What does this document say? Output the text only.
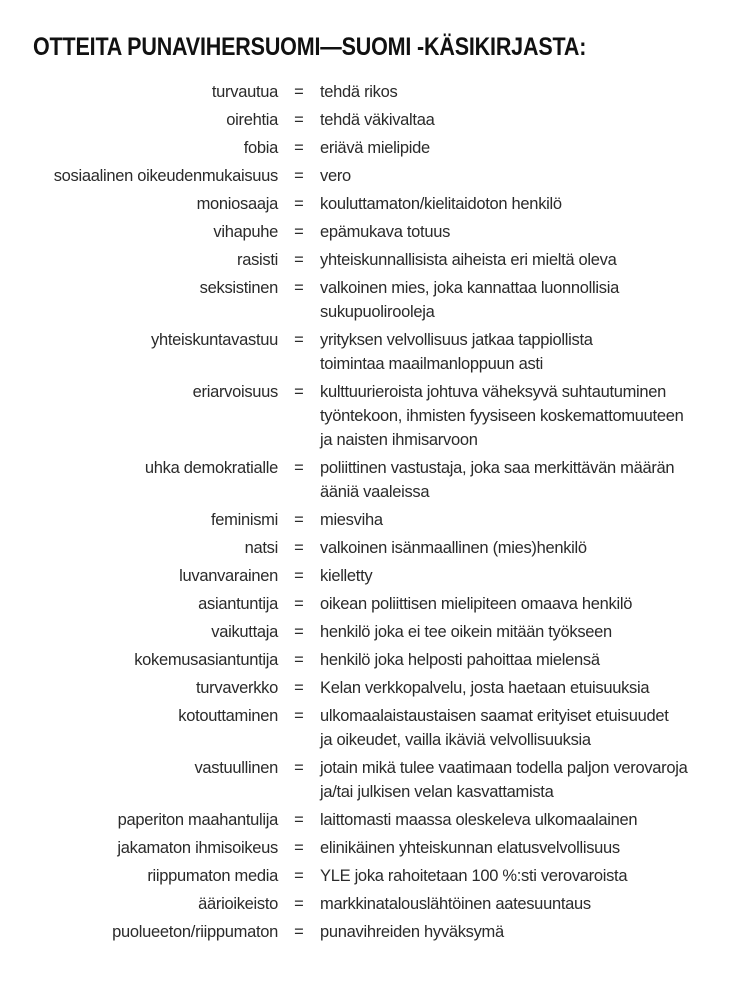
OTTEITA PUNAVIHERSUOMI—SUOMI -KÄSIKIRJASTA:
turvautua = tehdä rikos
oirehtia = tehdä väkivaltaa
fobia = eriävä mielipide
sosiaalinen oikeudenmukaisuus = vero
moniosaaja = kouluttamaton/kielitaidoton henkilö
vihapuhe = epämukava totuus
rasisti = yhteiskunnallisista aiheista eri mieltä oleva
seksistinen = valkoinen mies, joka kannattaa luonnollisia
sukupuolirooleja
yhteiskuntavastuu = yrityksen velvollisuus jatkaa tappiollista
toimintaa maailmanloppuun asti
eriarvoisuus = kulttuurieroista johtuva väheksyvä suhtautuminen
työntekoon, ihmisten fyysiseen koskemattomuuteen
ja naisten ihmisarvoon
uhka demokratialle = poliittinen vastustaja, joka saa merkittävän määrän
ääniä vaaleissa
feminismi = miesviha
natsi = valkoinen isänmaallinen (mies)henkilö
luvanvarainen = kielletty
asiantuntija = oikean poliittisen mielipiteen omaava henkilö
vaikuttaja = henkilö joka ei tee oikein mitään työkseen
kokemusasiantuntija = henkilö joka helposti pahoittaa mielensä
turvaverkko = Kelan verkkopalvelu, josta haetaan etuisuuksia
kotouttaminen = ulkomaalaistaustaisen saamat erityiset etuisuudet
ja oikeudet, vailla ikäviä velvollisuuksia
vastuullinen = jotain mikä tulee vaatimaan todella paljon verovaroja
ja/tai julkisen velan kasvattamista
paperiton maahantulija = laittomasti maassa oleskeleva ulkomaalainen
jakamaton ihmisoikeus = elinikäinen yhteiskunnan elatusvelvollisuus
riippumaton media = YLE joka rahoitetaan 100 %:sti verovaroista
äärioikeisto = markkinatalouslähtöinen aatesuuntaus
puolueeton/riippumaton = punavihreiden hyväksymä
